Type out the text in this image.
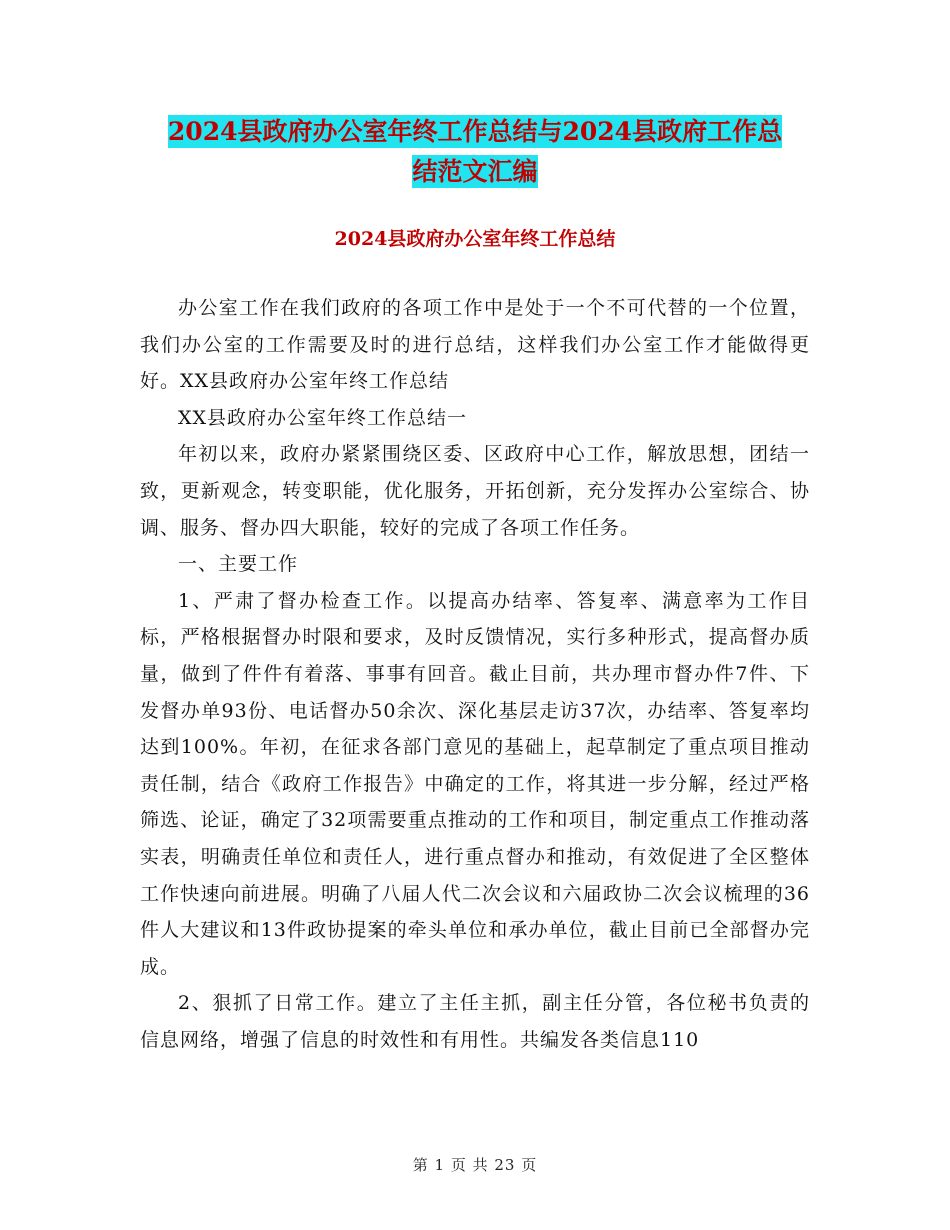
2024县政府办公室年终工作总结与2024县政府工作总
结范文汇编
2024县政府办公室年终工作总结

办公室工作在我们政府的各项工作中是处于一个不可代替的一个位置，我们办公室的工作需要及时的进行总结，这样我们办公室工作才能做得更好。XX县政府办公室年终工作总结

XX县政府办公室年终工作总结一

年初以来，政府办紧紧围绕区委、区政府中心工作，解放思想，团结一致，更新观念，转变职能，优化服务，开拓创新，充分发挥办公室综合、协调、服务、督办四大职能，较好的完成了各项工作任务。

一、主要工作

1、严肃了督办检查工作。以提高办结率、答复率、满意率为工作目标，严格根据督办时限和要求，及时反馈情况，实行多种形式，提高督办质量，做到了件件有着落、事事有回音。截止目前，共办理市督办件7件、下发督办单93份、电话督办50余次、深化基层走访37次，办结率、答复率均达到100%。年初，在征求各部门意见的基础上，起草制定了重点项目推动责任制，结合《政府工作报告》中确定的工作，将其进一步分解，经过严格筛选、论证，确定了32项需要重点推动的工作和项目，制定重点工作推动落实表，明确责任单位和责任人，进行重点督办和推动，有效促进了全区整体工作快速向前进展。明确了八届人代二次会议和六届政协二次会议梳理的36件人大建议和13件政协提案的牵头单位和承办单位，截止目前已全部督办完成。

2、狠抓了日常工作。建立了主任主抓，副主任分管，各位秘书负责的信息网络，增强了信息的时效性和有用性。共编发各类信息110

第 1 页 共 23 页
